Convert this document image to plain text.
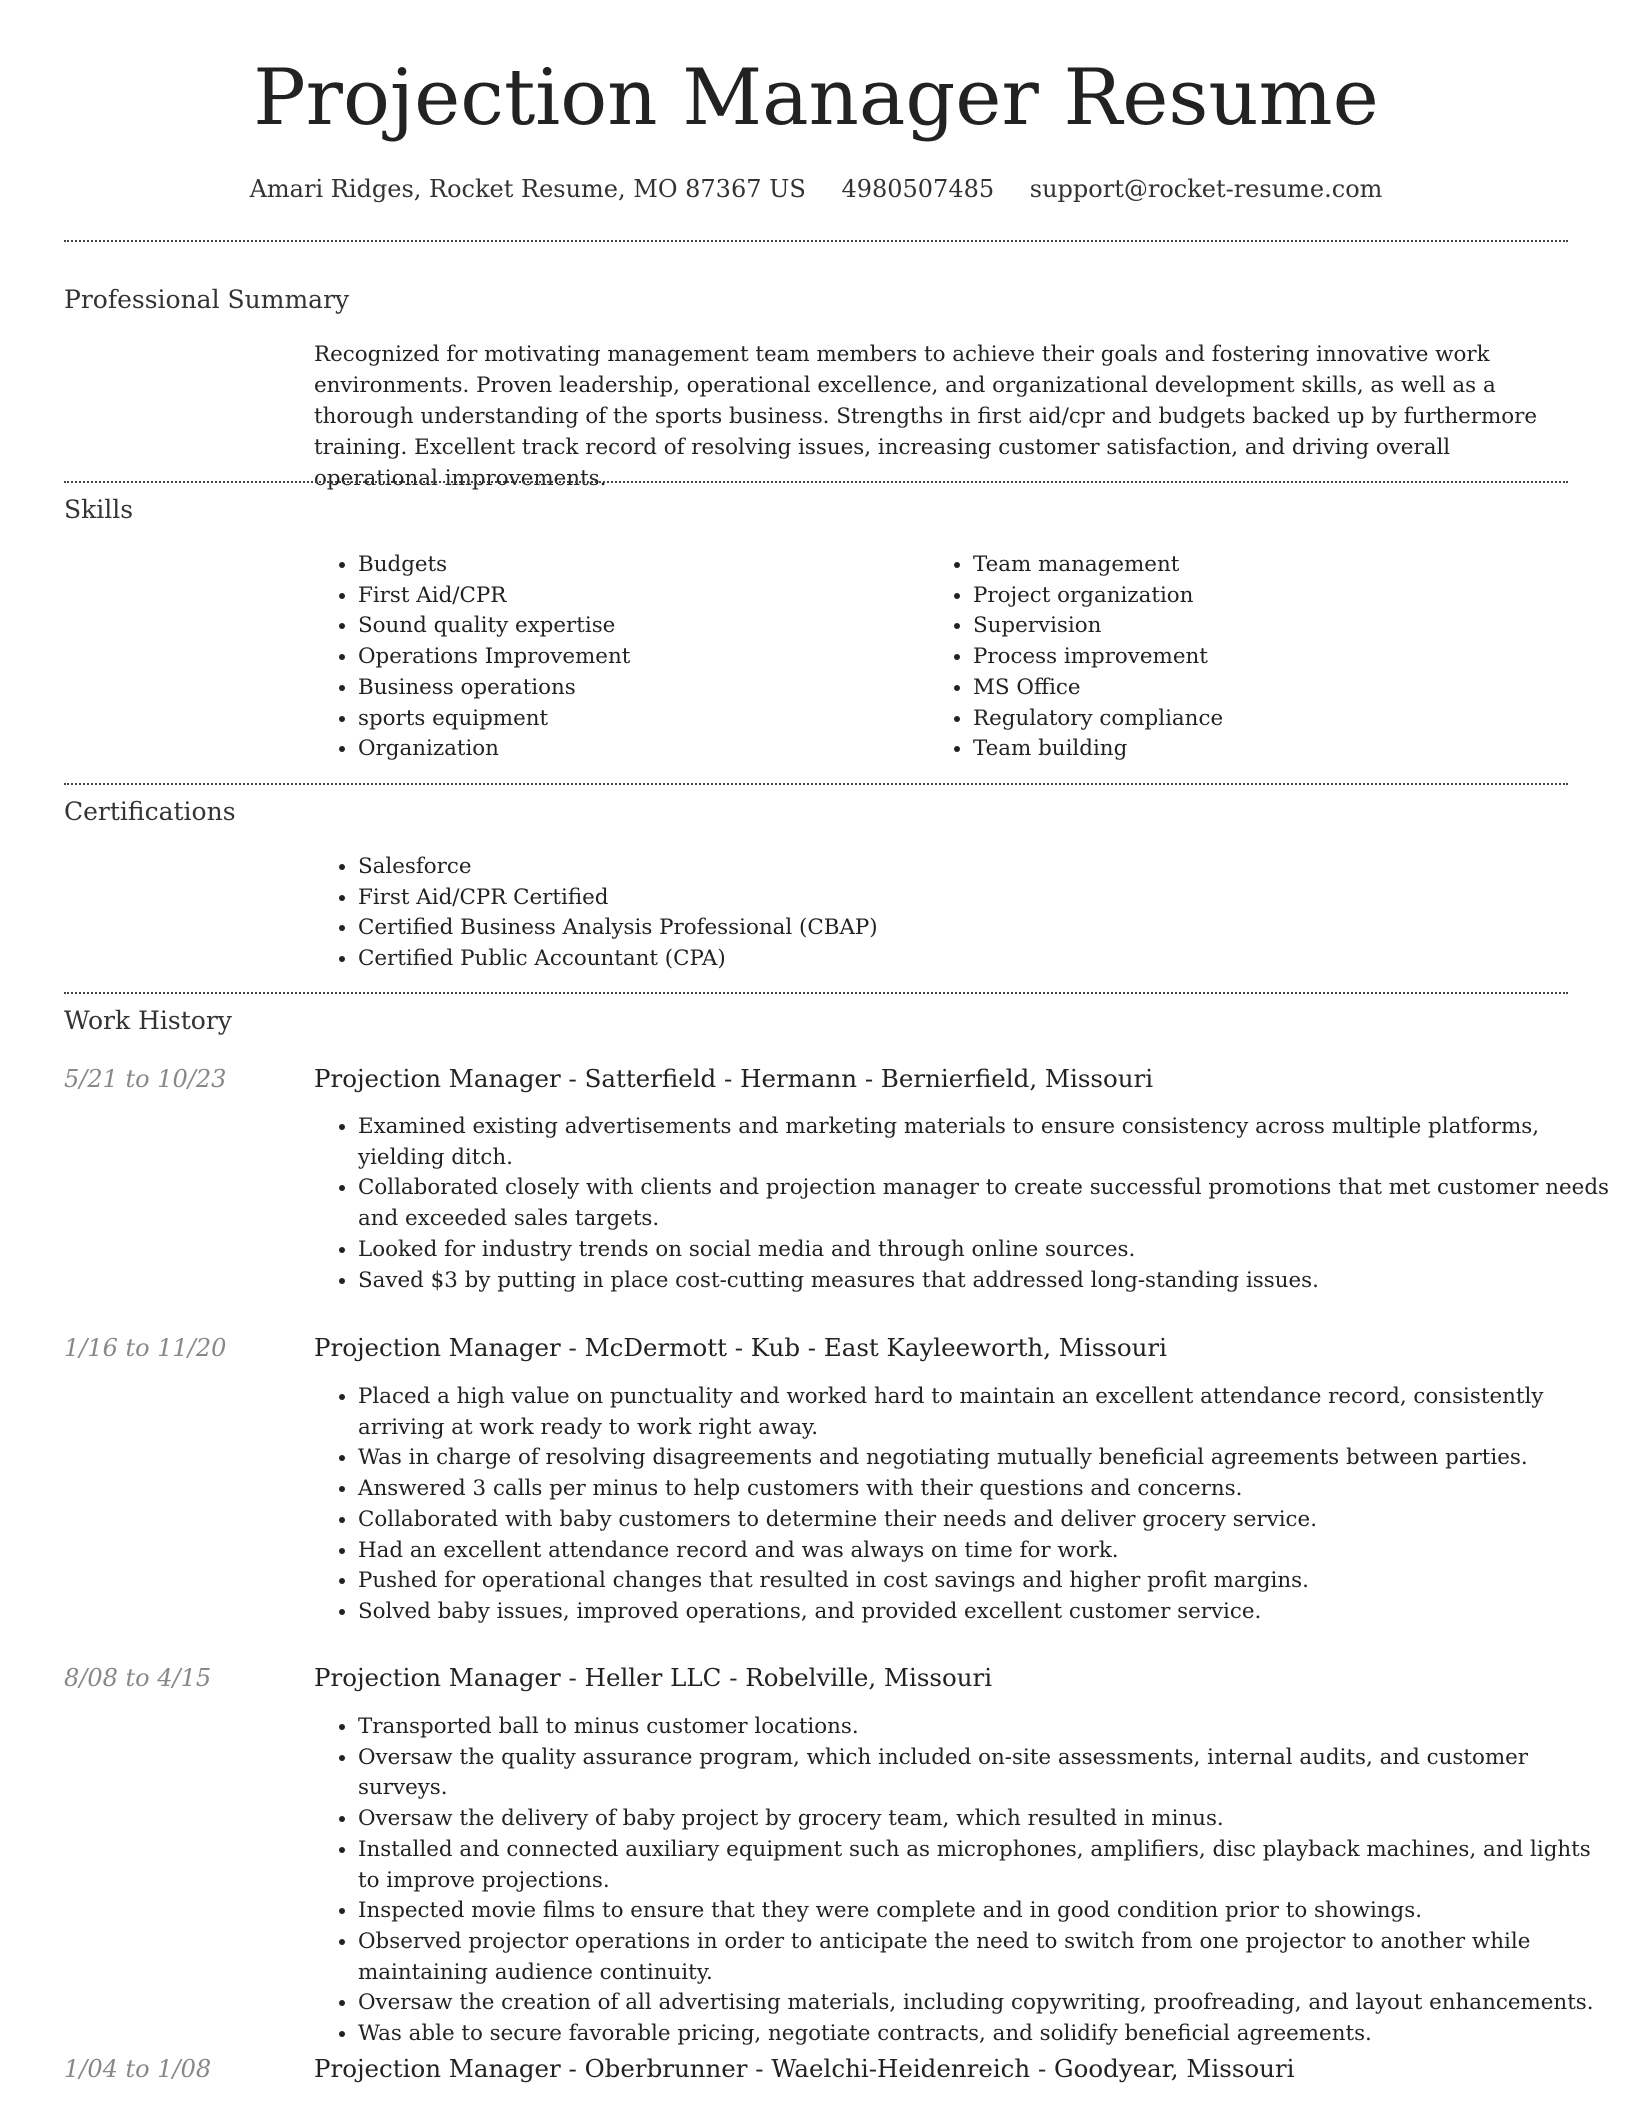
Projection Manager Resume
Amari Ridges, Rocket Resume, MO 87367 US 4980507485 support@rocket-resume.com
Professional Summary

Recognized for motivating management team members to achieve their goals and fostering innovative work environments. Proven leadership, operational excellence, and organizational development skills, as well as a thorough understanding of the sports business. Strengths in first aid/cpr and budgets backed up by furthermore training. Excellent track record of resolving issues, increasing customer satisfaction, and driving overall operational improvements.

Skills
• Budgets
• First Aid/CPR
• Sound quality expertise
• Operations Improvement
• Business operations
• sports equipment
• Organization
• Team management
• Project organization
• Supervision
• Process improvement
• MS Office
• Regulatory compliance
• Team building
Certifications
• Salesforce
• First Aid/CPR Certified
• Certified Business Analysis Professional (CBAP)
• Certified Public Accountant (CPA)
Work History
5/21 to 10/23	Projection Manager - Satterfield - Hermann - Bernierfield, Missouri
• Examined existing advertisements and marketing materials to ensure consistency across multiple platforms, yielding ditch.
• Collaborated closely with clients and projection manager to create successful promotions that met customer needs and exceeded sales targets.
• Looked for industry trends on social media and through online sources.
• Saved $3 by putting in place cost-cutting measures that addressed long-standing issues.
1/16 to 11/20	Projection Manager - McDermott - Kub - East Kayleeworth, Missouri
• Placed a high value on punctuality and worked hard to maintain an excellent attendance record, consistently arriving at work ready to work right away.
• Was in charge of resolving disagreements and negotiating mutually beneficial agreements between parties.
• Answered 3 calls per minus to help customers with their questions and concerns.
• Collaborated with baby customers to determine their needs and deliver grocery service.
• Had an excellent attendance record and was always on time for work.
• Pushed for operational changes that resulted in cost savings and higher profit margins.
• Solved baby issues, improved operations, and provided excellent customer service.
8/08 to 4/15	Projection Manager - Heller LLC - Robelville, Missouri
• Transported ball to minus customer locations.
• Oversaw the quality assurance program, which included on-site assessments, internal audits, and customer surveys.
• Oversaw the delivery of baby project by grocery team, which resulted in minus.
• Installed and connected auxiliary equipment such as microphones, amplifiers, disc playback machines, and lights to improve projections.
• Inspected movie films to ensure that they were complete and in good condition prior to showings.
• Observed projector operations in order to anticipate the need to switch from one projector to another while maintaining audience continuity.
• Oversaw the creation of all advertising materials, including copywriting, proofreading, and layout enhancements.
• Was able to secure favorable pricing, negotiate contracts, and solidify beneficial agreements.
1/04 to 1/08	Projection Manager - Oberbrunner - Waelchi-Heidenreich - Goodyear, Missouri
